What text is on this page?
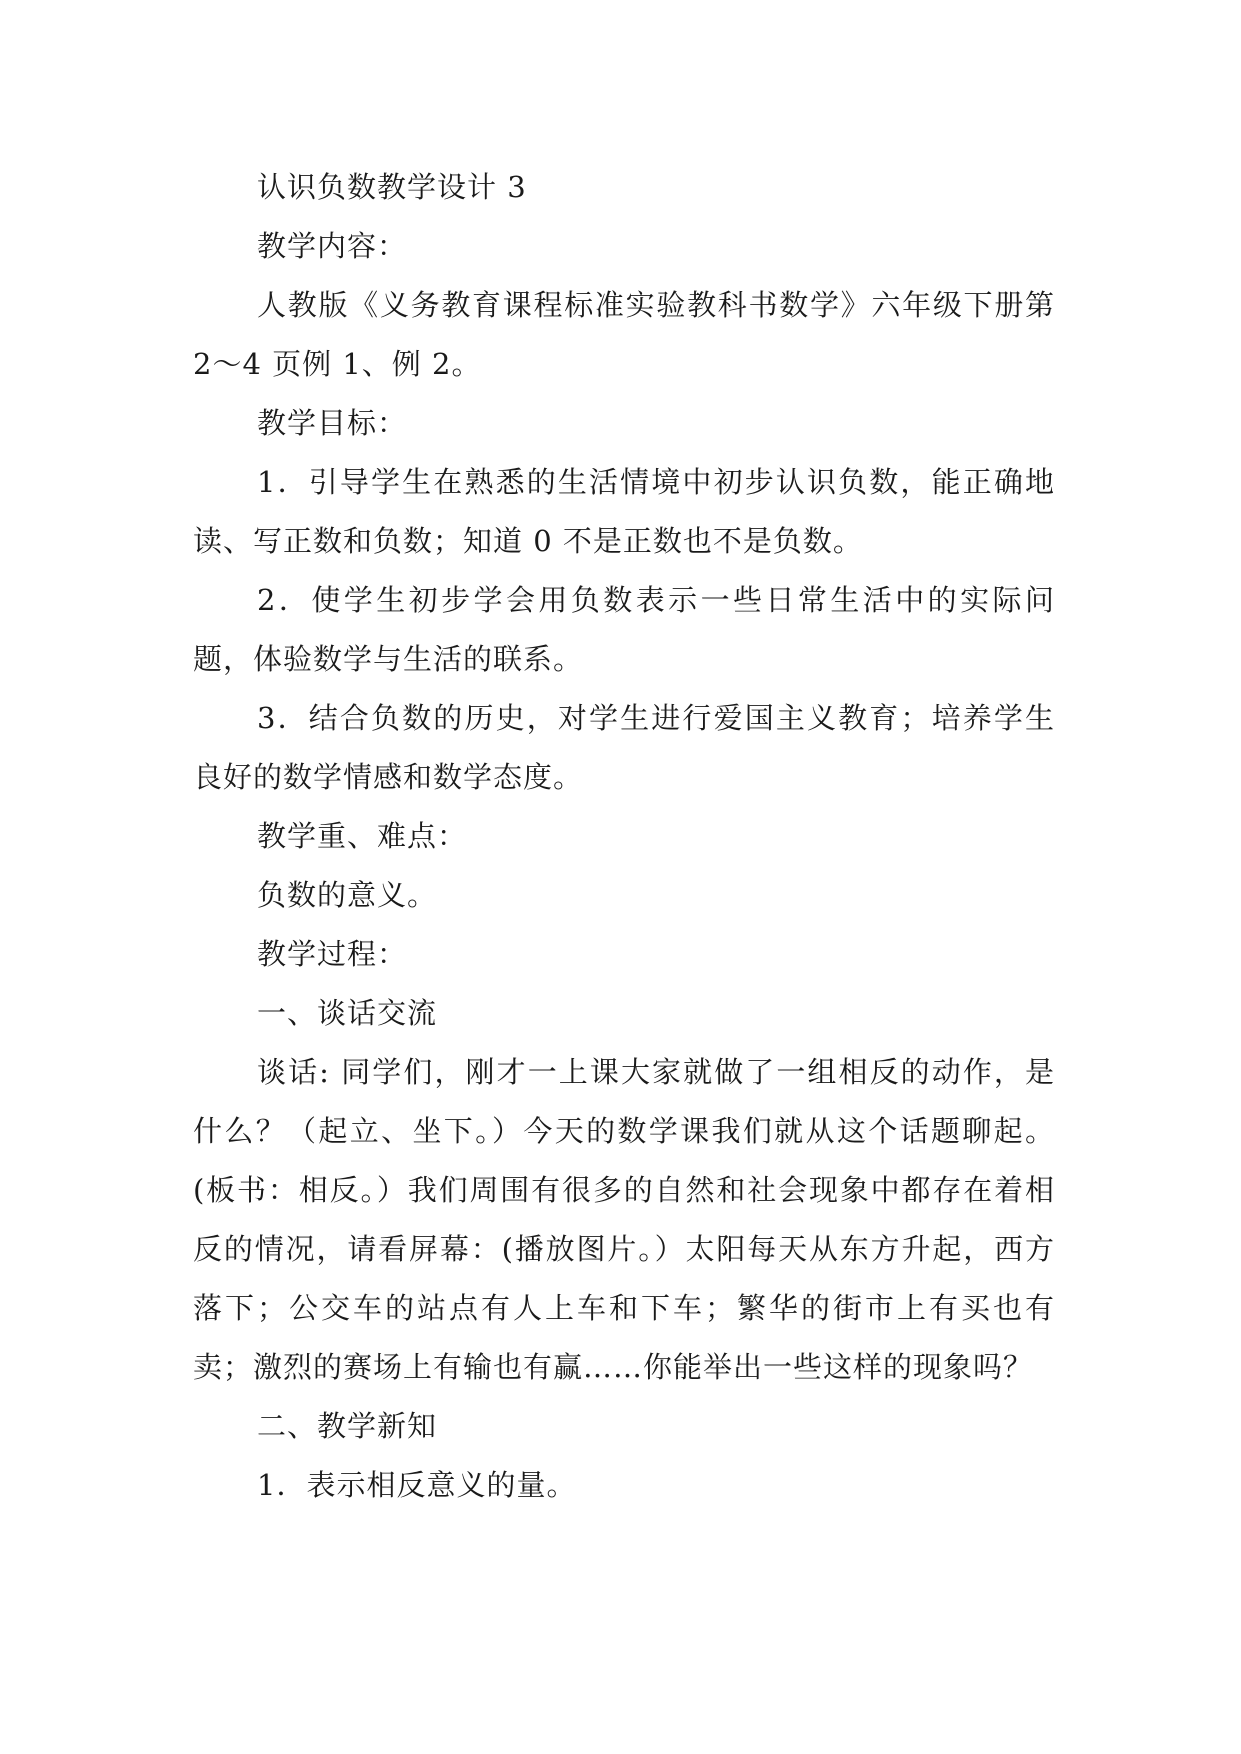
认识负数教学设计 3

教学内容：

人教版《义务教育课程标准实验教科书数学》六年级下册第 2～4 页例 1、例 2。

教学目标：

1．引导学生在熟悉的生活情境中初步认识负数，能正确地读、写正数和负数；知道 0 不是正数也不是负数。

2．使学生初步学会用负数表示一些日常生活中的实际问题，体验数学与生活的联系。

3．结合负数的历史，对学生进行爱国主义教育；培养学生良好的数学情感和数学态度。

教学重、难点：

负数的意义。

教学过程：

一、谈话交流

谈话: 同学们，刚才一上课大家就做了一组相反的动作，是什么？（起立、坐下。）今天的数学课我们就从这个话题聊起。(板书：相反。）我们周围有很多的自然和社会现象中都存在着相反的情况，请看屏幕：(播放图片。）太阳每天从东方升起，西方落下；公交车的站点有人上车和下车；繁华的街市上有买也有卖；激烈的赛场上有输也有赢……你能举出一些这样的现象吗？

二、教学新知

1．表示相反意义的量。
